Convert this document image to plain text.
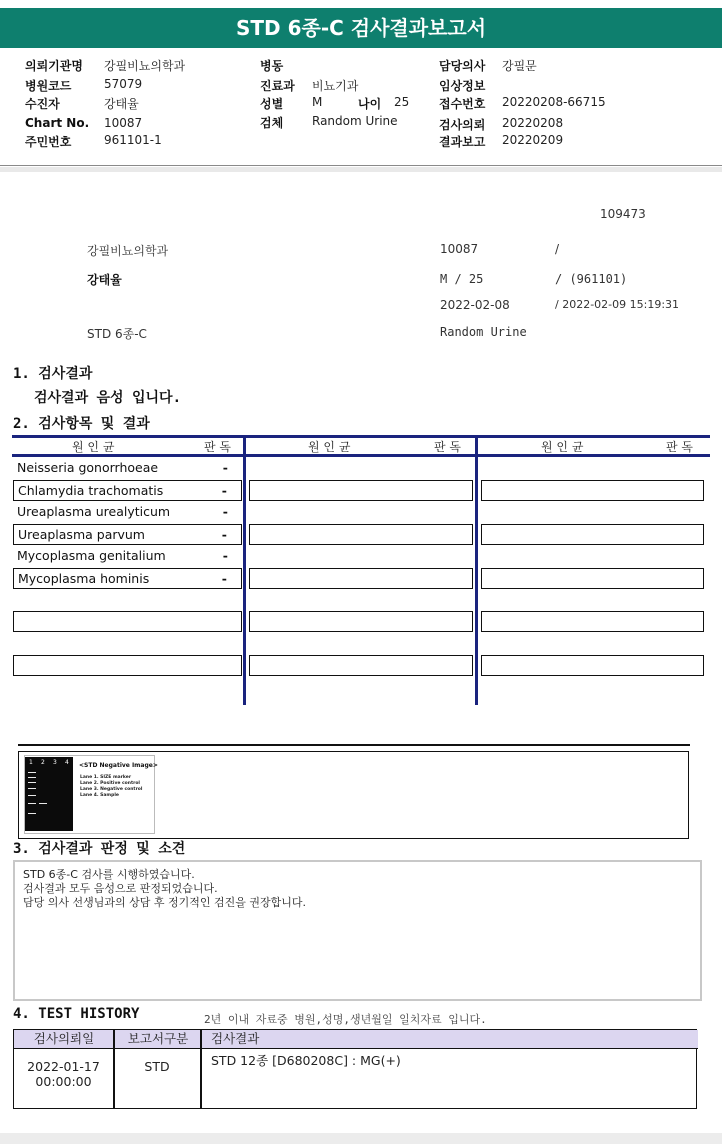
STD 6종-C 검사결과보고서
의뢰기관명 강필비뇨의학과
병원코드	57079
수진자	강태율
Chart No. 10087
주민번호	961101-1
병동
진료과 비뇨기과
성별 M	나이 25
검체 Random Urine
담당의사 강필문
임상정보
접수번호 20220208-66715
검사의뢰 20220208
결과보고 20220209
109473
강필비뇨의학과	10087	/
강태율	M / 25	/ (961101)
2022-02-08	/ 2022-02-09 15:19:31
STD 6종-C	Random Urine
1. 검사결과
검사결과 음성 입니다.
2. 검사항목 및 결과
원 인 균	판 독	원 인 균	판 독	원 인 균	판 독
Neisseria gonorrhoeae	-
Chlamydia trachomatis	-
Ureaplasma urealyticum	-
Ureaplasma parvum	-
Mycoplasma genitalium	-
Mycoplasma hominis	-
1 2 3 4 <STD Negative Image>
Lane 1. SIZE marker
Lane 2. Positive control
Lane 3. Negative control
Lane 4. Sample
3. 검사결과 판정 및 소견
STD 6종-C 검사를 시행하였습니다.
검사결과 모두 음성으로 판정되었습니다.
담당 의사 선생님과의 상담 후 정기적인 검진을 권장합니다.
4. TEST HISTORY	2년 이내 자료중 병원,성명,생년월일 일치자료 입니다.
검사의뢰일	보고서구분	검사결과
2022-01-17
00:00:00
STD	STD 12종 [D680208C] : MG(+)
